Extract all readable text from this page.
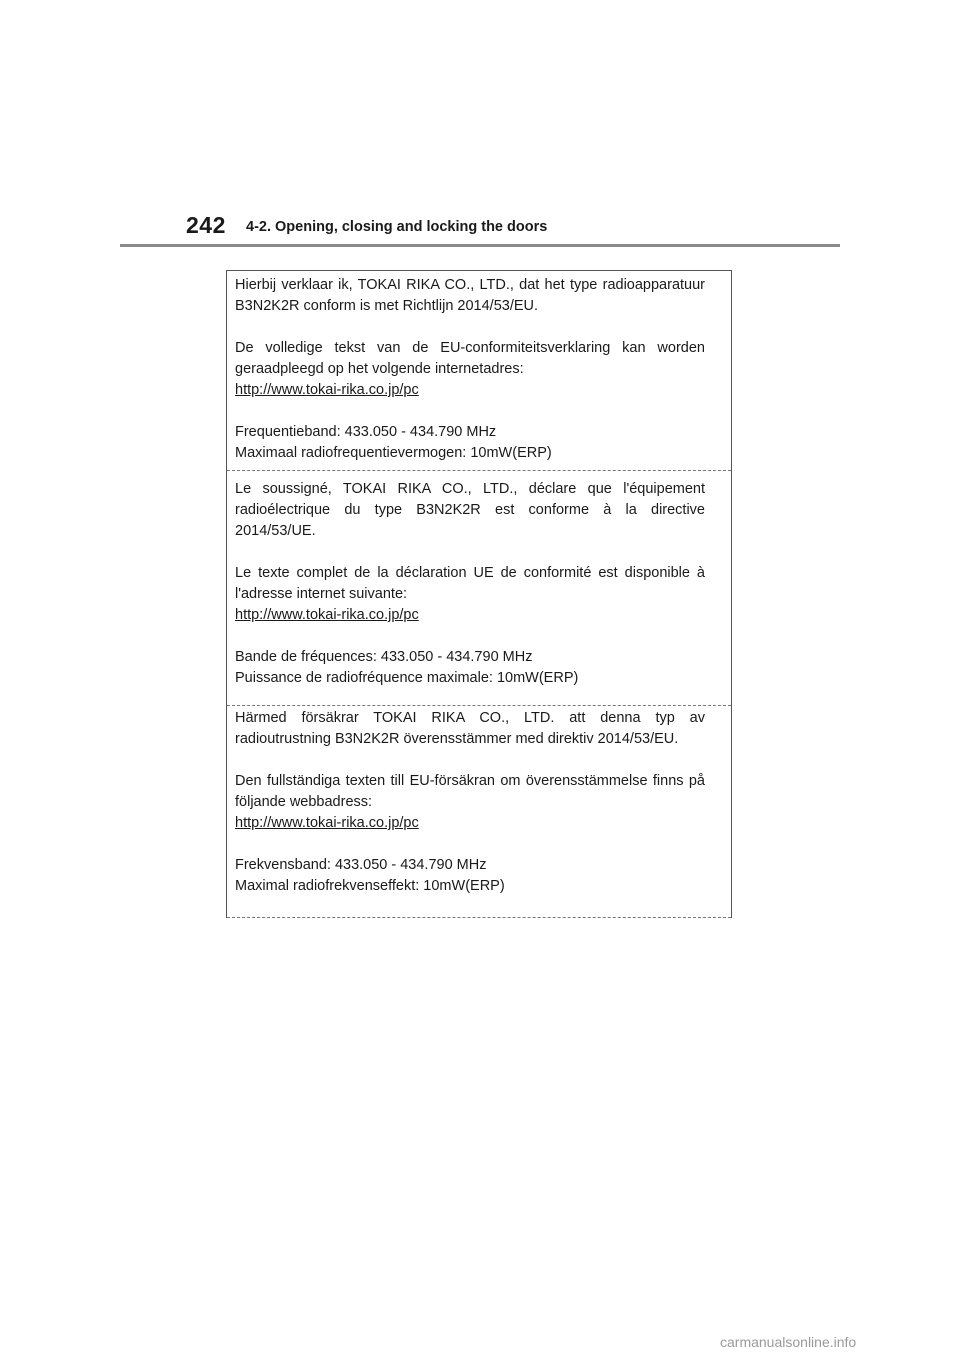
242 4-2. Opening, closing and locking the doors

Hierbij verklaar ik, TOKAI RIKA CO., LTD., dat het type radioapparatuur B3N2K2R conform is met Richtlijn 2014/53/EU.

De volledige tekst van de EU-conformiteitsverklaring kan worden geraadpleegd op het volgende internetadres:

http://www.tokai-rika.co.jp/pc

Frequentieband: 433.050 - 434.790 MHz

Maximaal radiofrequentievermogen: 10mW(ERP)

Le soussigné, TOKAI RIKA CO., LTD., déclare que l'équipement radioélectrique du type B3N2K2R est conforme à la directive 2014/53/UE.

Le texte complet de la déclaration UE de conformité est disponible à l'adresse internet suivante:

http://www.tokai-rika.co.jp/pc

Bande de fréquences: 433.050 - 434.790 MHz

Puissance de radiofréquence maximale: 10mW(ERP)

Härmed försäkrar TOKAI RIKA CO., LTD. att denna typ av radioutrustning B3N2K2R överensstämmer med direktiv 2014/53/EU.

Den fullständiga texten till EU-försäkran om överensstämmelse finns på följande webbadress:

http://www.tokai-rika.co.jp/pc

Frekvensband: 433.050 - 434.790 MHz

Maximal radiofrekvenseffekt: 10mW(ERP)

carmanualsonline.info
